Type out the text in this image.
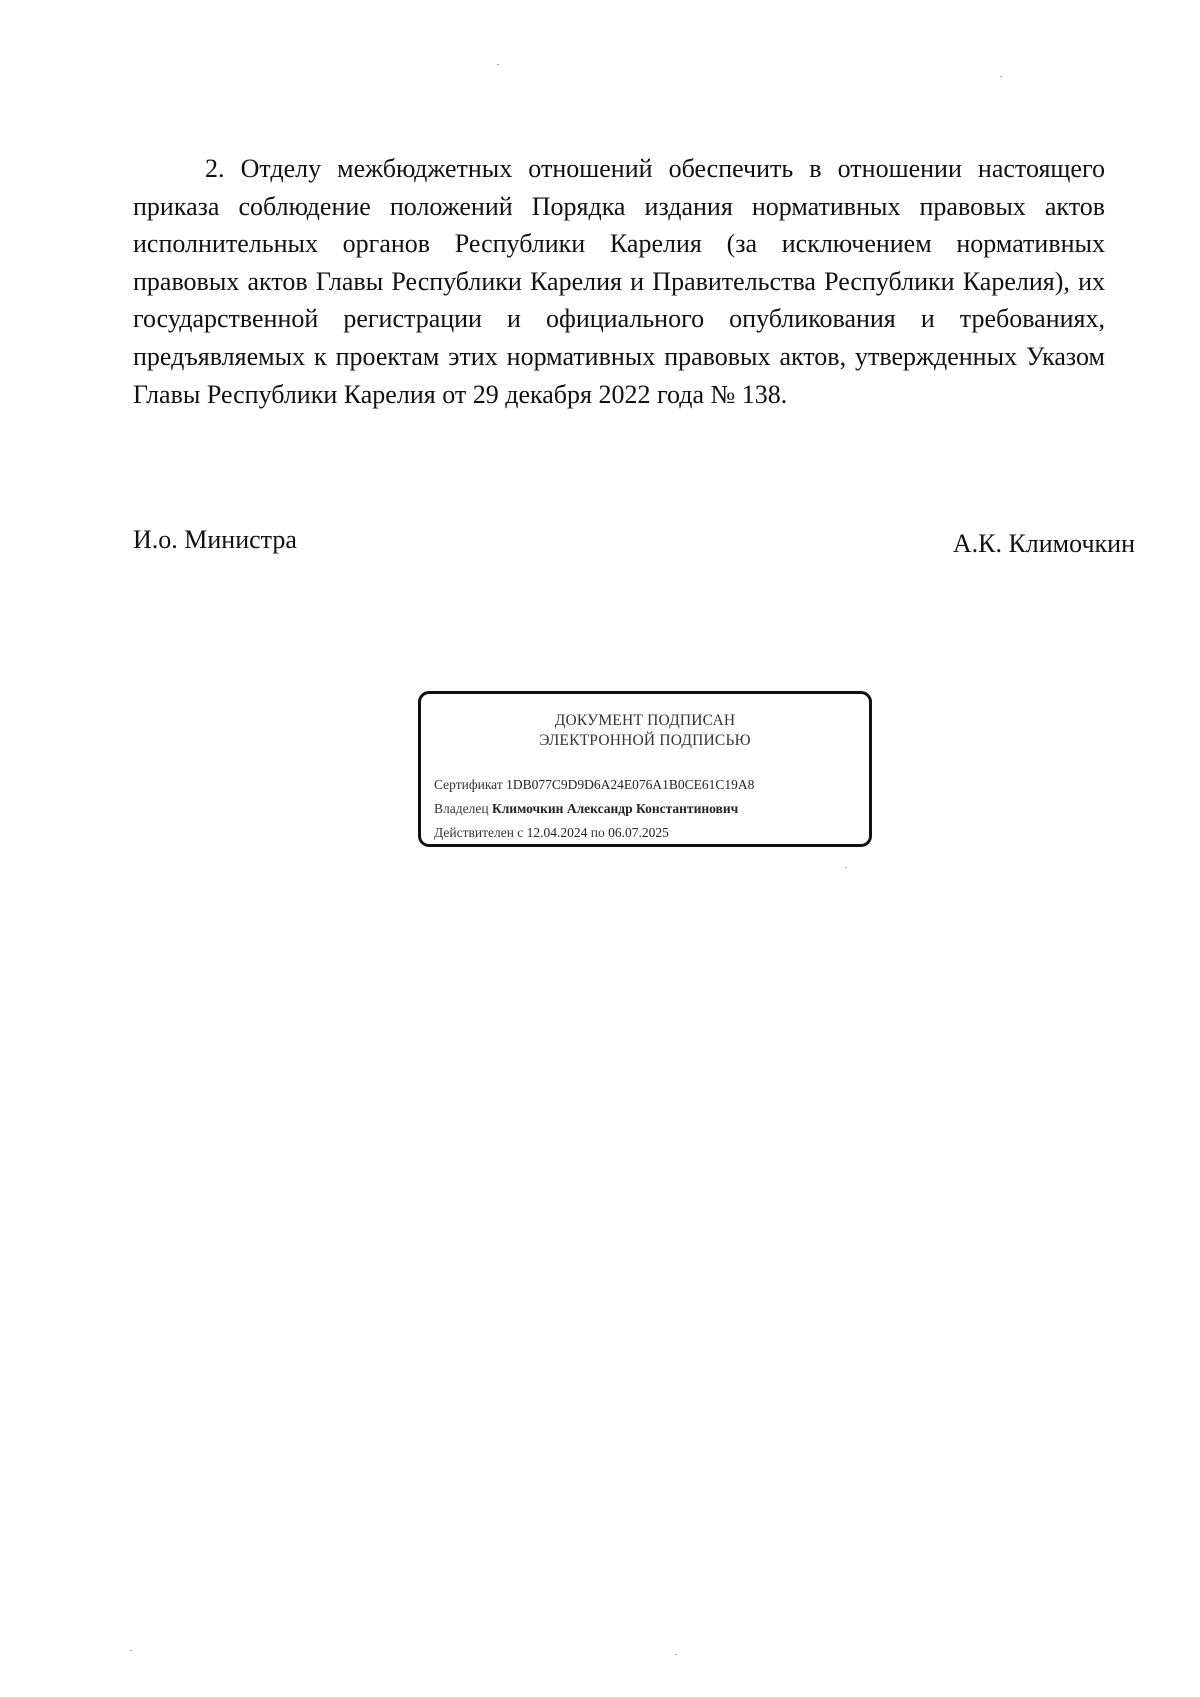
2. Отделу межбюджетных отношений обеспечить в отношении настоящего приказа соблюдение положений Порядка издания нормативных правовых актов исполнительных органов Республики Карелия (за исключением нормативных правовых актов Главы Республики Карелия и Правительства Республики Карелия), их государственной регистрации и официального опубликования и требованиях, предъявляемых к проектам этих нормативных правовых актов, утвержденных Указом Главы Республики Карелия от 29 декабря 2022 года № 138.

И.о. Министра	А.К. Климочкин
ДОКУМЕНТ ПОДПИСАН
ЭЛЕКТРОННОЙ ПОДПИСЬЮ
Сертификат 1DB077C9D9D6A24E076A1B0CE61C19A8
Владелец Климочкин Александр Константинович
Действителен с 12.04.2024 по 06.07.2025
